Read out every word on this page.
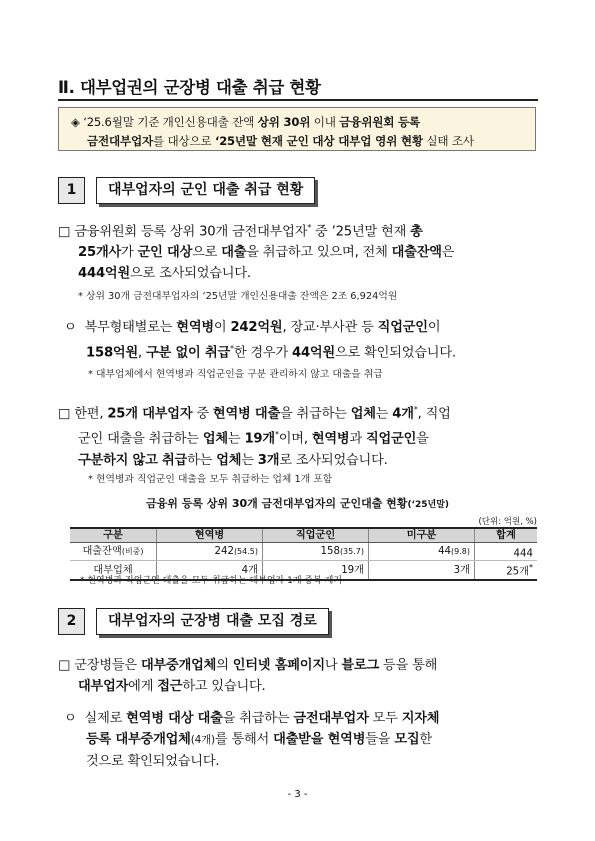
Ⅱ. 대부업권의 군장병 대출 취급 현황
◈ ‘25.6월말 기준 개인신용대출 잔액 상위 30위 이내 금융위원회 등록
금전대부업자를 대상으로 ‘25년말 현재 군인 대상 대부업 영위 현황 실태 조사
1	대부업자의 군인 대출 취급 현황
□ 금융위원회 등록 상위 30개 금전대부업자* 중 ’25년말 현재 총
25개사가 군인 대상으로 대출을 취급하고 있으며, 전체 대출잔액은
444억원으로 조사되었습니다.
* 상위 30개 금전대부업자의 ‘25년말 개인신용대출 잔액은 2조 6,924억원
ㅇ 복무형태별로는 현역병이 242억원, 장교·부사관 등 직업군인이
158억원, 구분 없이 취급*한 경우가 44억원으로 확인되었습니다.
* 대부업체에서 현역병과 직업군인을 구분 관리하지 않고 대출을 취급
□ 한편, 25개 대부업자 중 현역병 대출을 취급하는 업체는 4개*, 직업
군인 대출을 취급하는 업체는 19개*이며, 현역병과 직업군인을
구분하지 않고 취급하는 업체는 3개로 조사되었습니다.
* 현역병과 직업군인 대출을 모두 취급하는 업체 1개 포함
금융위 등록 상위 30개 금전대부업자의 군인대출 현황(‘25년말)
(단위: 억원, %)
구분	현역병	직업군인	미구분	합계
대출잔액(비중)	242(54.5)	158(35.7)	44(9.8)	444
대부업체	4개	19개	3개	25개*
* 현역병과 직업군인 대출을 모두 취급하는 대부업자 1개 중복 제거
2	대부업자의 군장병 대출 모집 경로
□ 군장병들은 대부중개업체의 인터넷 홈페이지나 블로그 등을 통해
대부업자에게 접근하고 있습니다.
ㅇ 실제로 현역병 대상 대출을 취급하는 금전대부업자 모두 지자체
등록 대부중개업체(4개)를 통해서 대출받을 현역병들을 모집한
것으로 확인되었습니다.
- 3 -
